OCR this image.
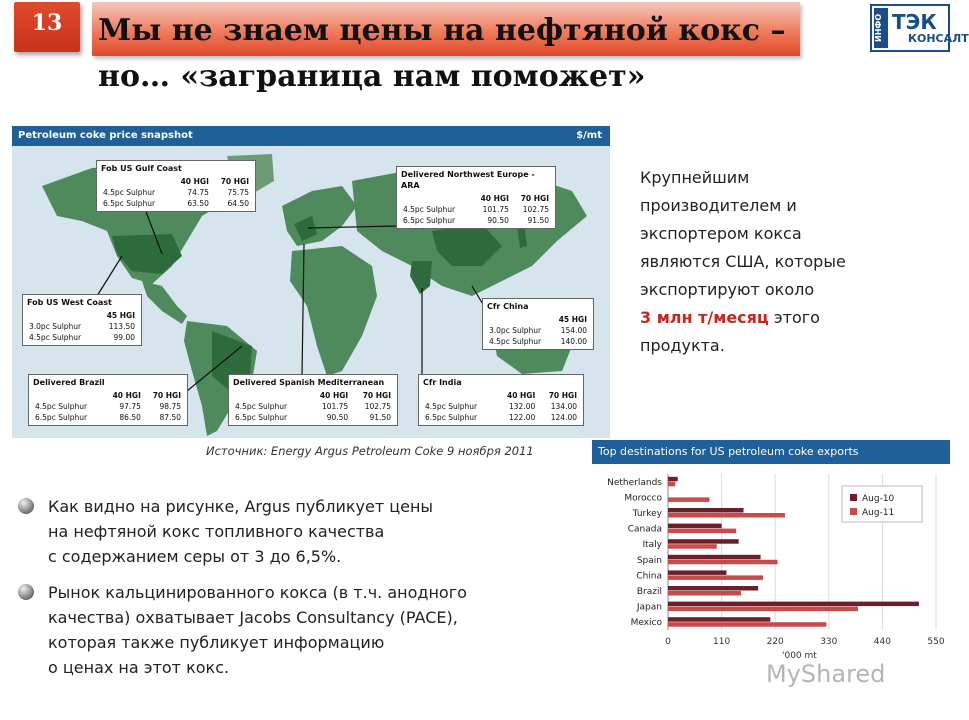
13	Мы не знаем цены на нефтяной кокс –
но… «заграница нам поможет»
ИНФО ТЭК
КОНСАЛТ
Petroleum coke price snapshot	$/mt
Fob US Gulf Coast
	40 HGI	70 HGI
4.5pc Sulphur	74.75	75.75
6.5pc Sulphur	63.50	64.50
Delivered Northwest Europe - ARA
	40 HGI	70 HGI
4.5pc Sulphur	101.75	102.75
6.5pc Sulphur	90.50	91.50
Fob US West Coast
	45 HGI
3.0pc Sulphur	113.50
4.5pc Sulphur	99.00
Cfr China
	45 HGI
3.0pc Sulphur	154.00
4.5pc Sulphur	140.00
Delivered Brazil
	40 HGI	70 HGI
4.5pc Sulphur	97.75	98.75
6.5pc Sulphur	86.50	87.50
Delivered Spanish Mediterranean
	40 HGI	70 HGI
4.5pc Sulphur	101.75	102.75
6.5pc Sulphur	90.50	91.50
Cfr India
	40 HGI	70 HGI
4.5pc Sulphur	132.00	134.00
6.5pc Sulphur	122.00	124.00
Источник: Energy Argus Petroleum Coke 9 ноября 2011
Крупнейшим
производителем и
экспортером кокса
являются США, которые
экспортируют около
3 млн т/месяц этого
продукта.
Как видно на рисунке, Argus публикует цены
на нефтяной кокс топливного качества
с содержанием серы от 3 до 6,5%.
Рынок кальцинированного кокса (в т.ч. анодного
качества) охватывает Jacobs Consultancy (PACE),
которая также публикует информацию
о ценах на этот кокс.
Top destinations for US petroleum coke exports
0	110	220	330	440	550
Netherlands
Morocco
Turkey
Canada
Italy
Spain
China
Brazil
Japan
Mexico
'000 mt
Aug-10
Aug-11
MyShared
